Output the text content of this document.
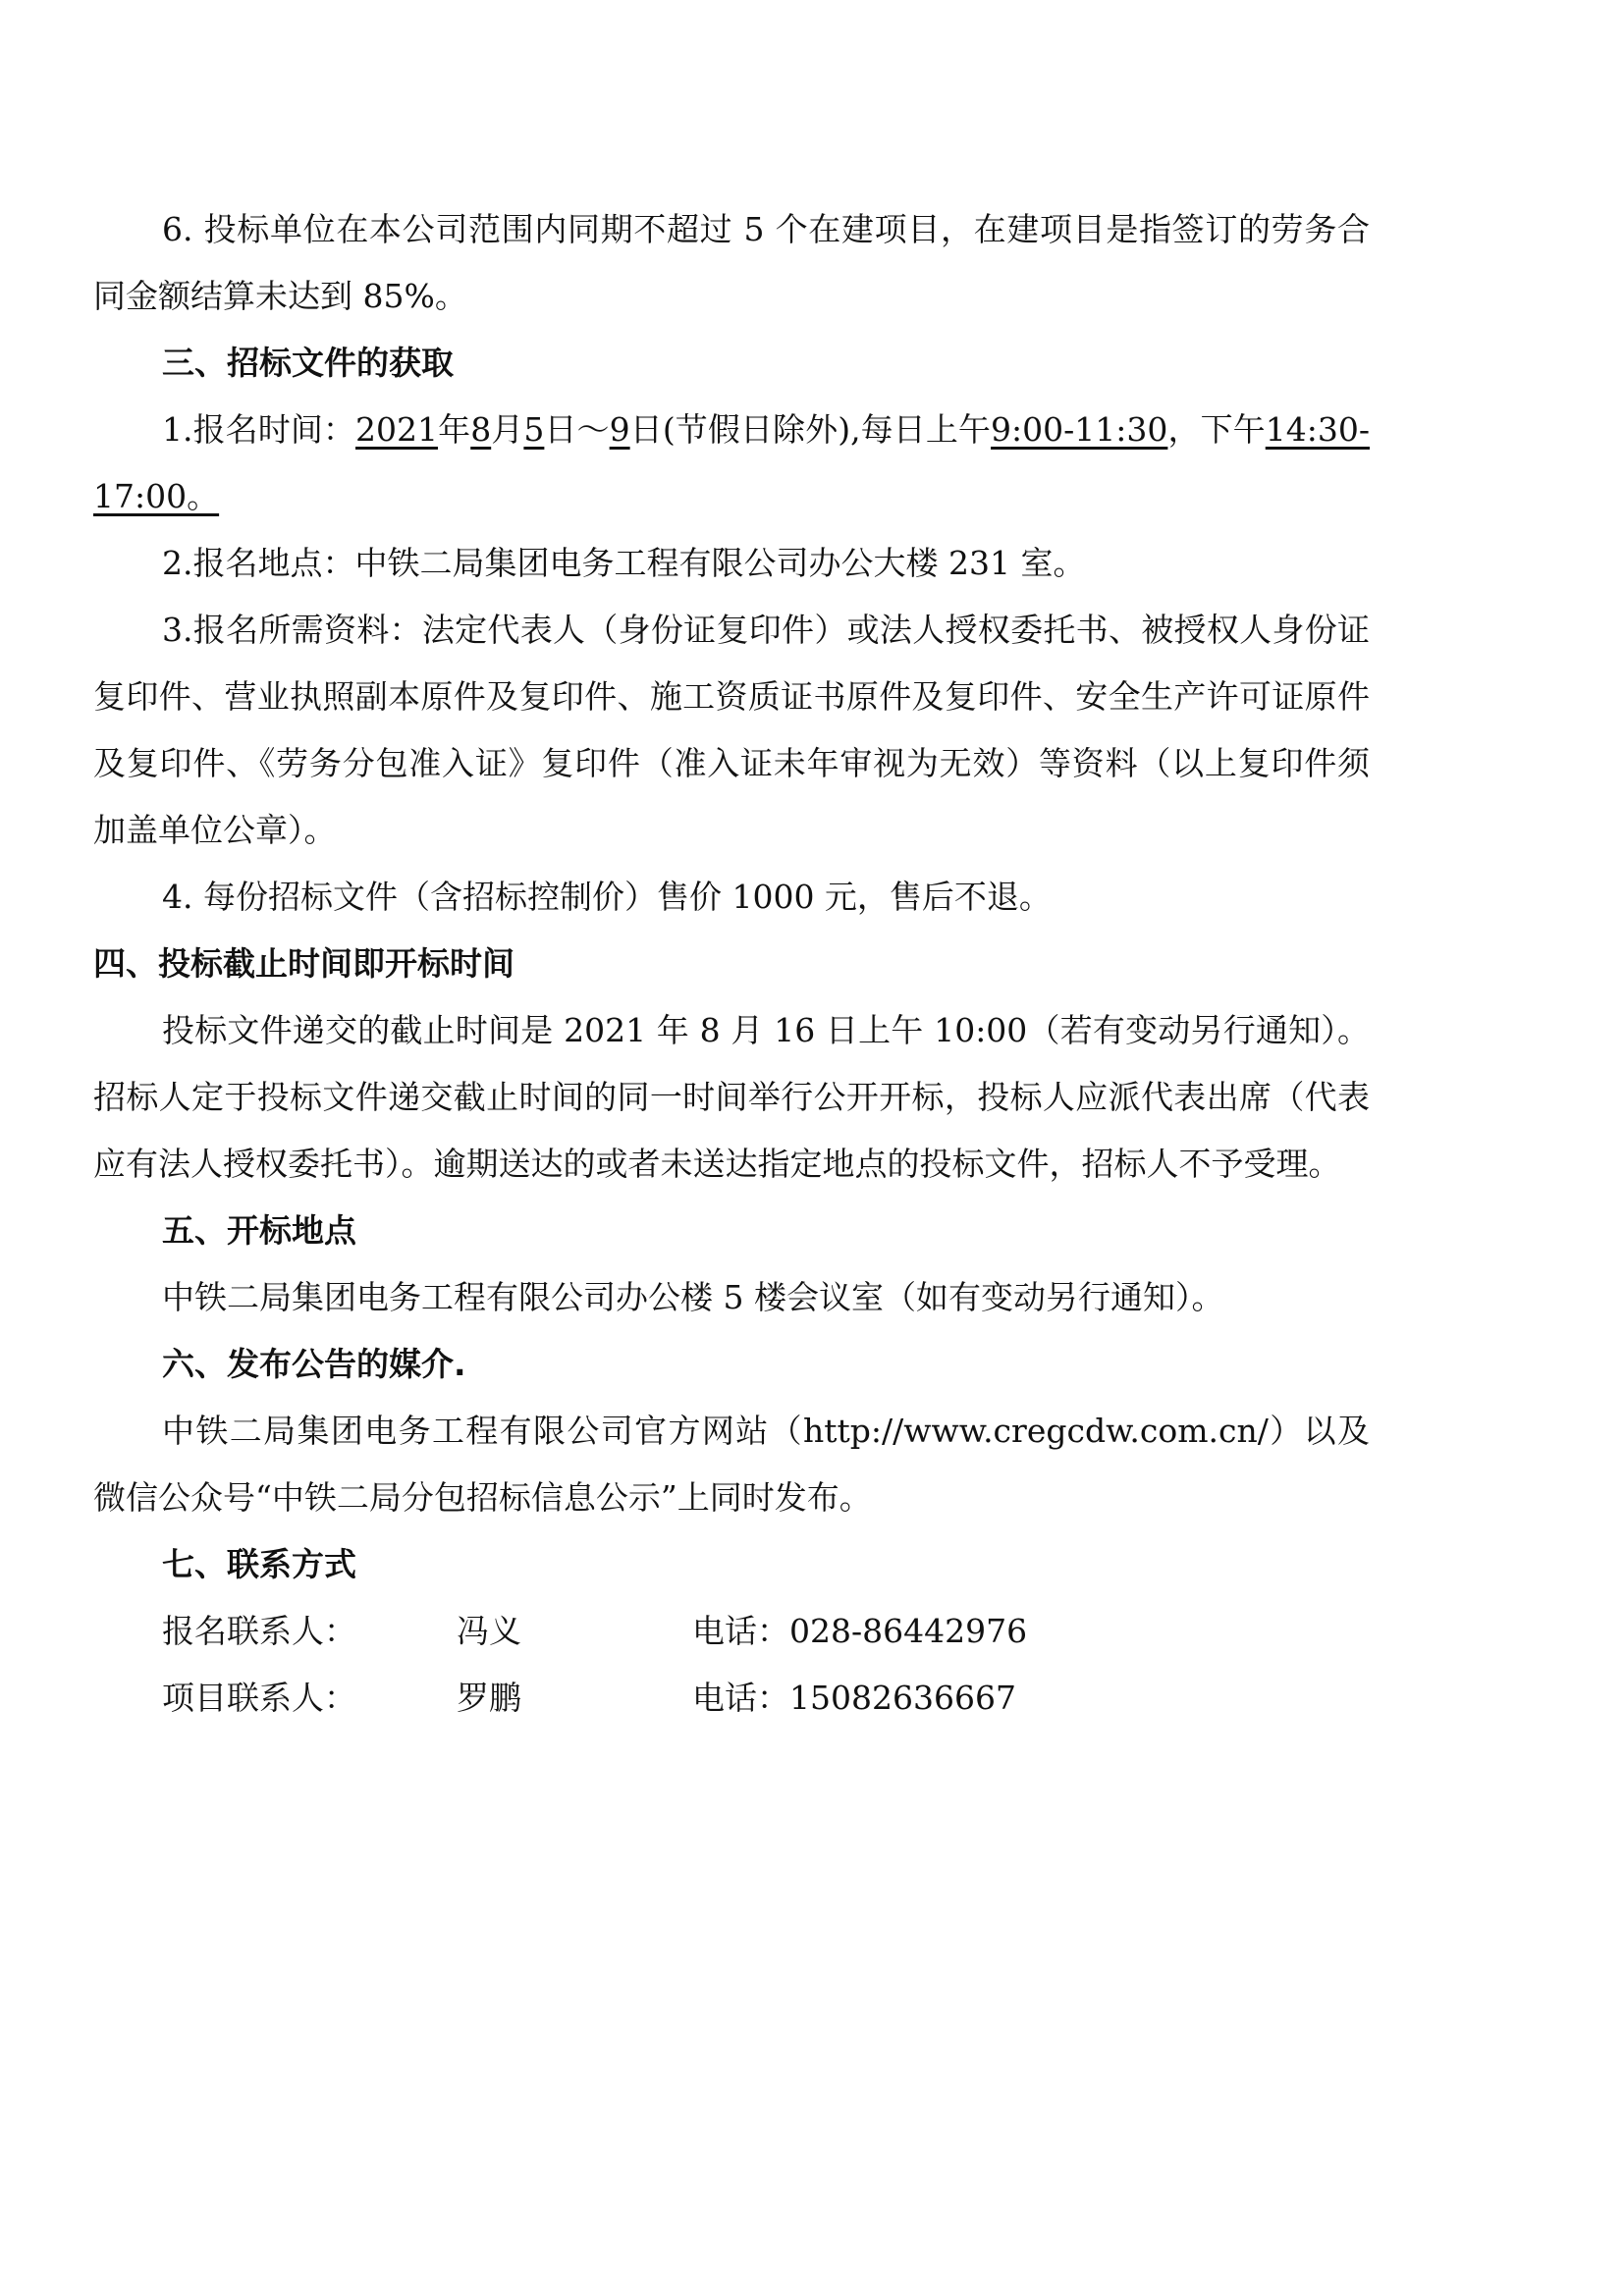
6. 投标单位在本公司范围内同期不超过 5 个在建项目，在建项目是指签订的劳务合同金额结算未达到 85%。

三、招标文件的获取

1.报名时间：2021年8月5日～9日(节假日除外),每日上午9:00-11:30，下午14:30-17:00。

2.报名地点：中铁二局集团电务工程有限公司办公大楼 231 室。

3.报名所需资料：法定代表人（身份证复印件）或法人授权委托书、被授权人身份证复印件、营业执照副本原件及复印件、施工资质证书原件及复印件、安全生产许可证原件及复印件、《劳务分包准入证》复印件（准入证未年审视为无效）等资料（以上复印件须加盖单位公章）。

4. 每份招标文件（含招标控制价）售价 1000 元，售后不退。

四、投标截止时间即开标时间

投标文件递交的截止时间是 2021 年 8 月 16 日上午 10:00（若有变动另行通知）。招标人定于投标文件递交截止时间的同一时间举行公开开标，投标人应派代表出席（代表应有法人授权委托书）。逾期送达的或者未送达指定地点的投标文件，招标人不予受理。

五、开标地点

中铁二局集团电务工程有限公司办公楼 5 楼会议室（如有变动另行通知）。

六、发布公告的媒介.

中铁二局集团电务工程有限公司官方网站（http://www.cregcdw.com.cn/）以及微信公众号“中铁二局分包招标信息公示”上同时发布。

七、联系方式

报名联系人：	冯义	电话：028-86442976
项目联系人：	罗鹏	电话：15082636667
